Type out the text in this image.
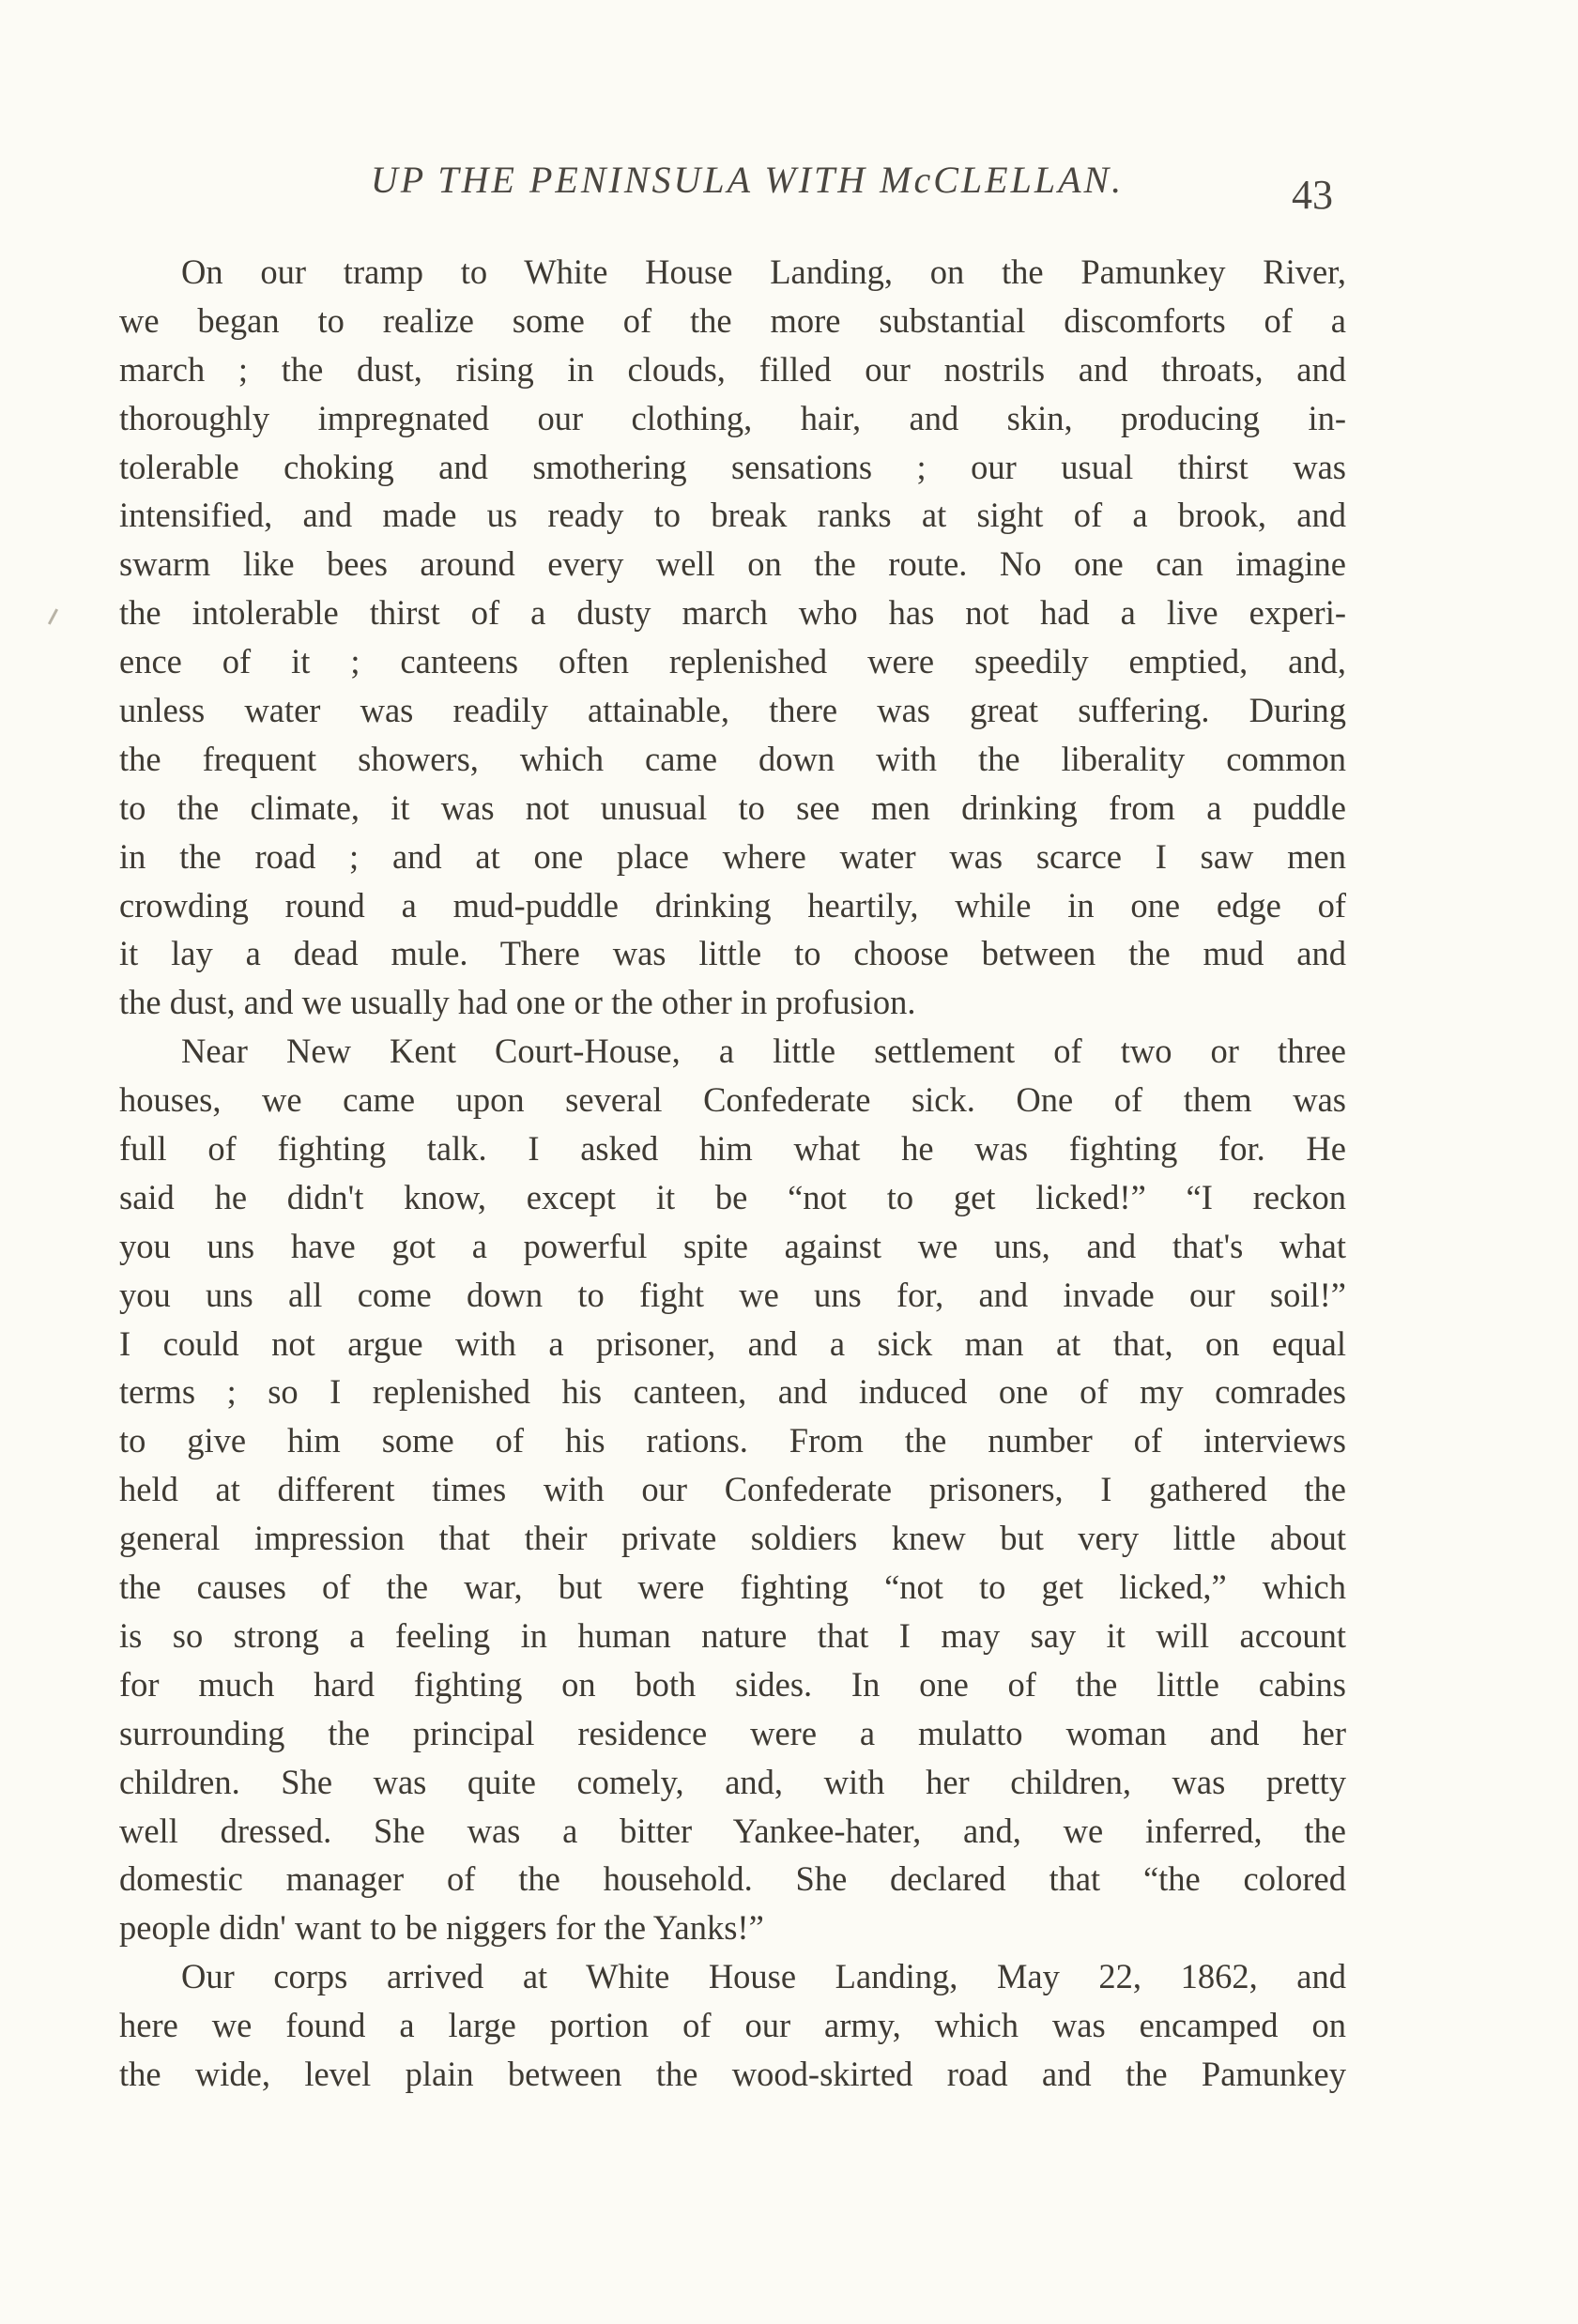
UP THE PENINSULA WITH McCLELLAN.	43
On our tramp to White House Landing, on the Pamunkey River,
we began to realize some of the more substantial discomforts of a
march ; the dust, rising in clouds, filled our nostrils and throats, and
thoroughly impregnated our clothing, hair, and skin, producing in-
tolerable choking and smothering sensations ; our usual thirst was
intensified, and made us ready to break ranks at sight of a brook, and
swarm like bees around every well on the route. No one can imagine
the intolerable thirst of a dusty march who has not had a live experi-
ence of it ; canteens often replenished were speedily emptied, and,
unless water was readily attainable, there was great suffering. During
the frequent showers, which came down with the liberality common
to the climate, it was not unusual to see men drinking from a puddle
in the road ; and at one place where water was scarce I saw men
crowding round a mud-puddle drinking heartily, while in one edge of
it lay a dead mule. There was little to choose between the mud and
the dust, and we usually had one or the other in profusion.
Near New Kent Court-House, a little settlement of two or three
houses, we came upon several Confederate sick. One of them was
full of fighting talk. I asked him what he was fighting for. He
said he didn't know, except it be “not to get licked!” “I reckon
you uns have got a powerful spite against we uns, and that's what
you uns all come down to fight we uns for, and invade our soil!”
I could not argue with a prisoner, and a sick man at that, on equal
terms ; so I replenished his canteen, and induced one of my comrades
to give him some of his rations. From the number of interviews
held at different times with our Confederate prisoners, I gathered the
general impression that their private soldiers knew but very little about
the causes of the war, but were fighting “not to get licked,” which
is so strong a feeling in human nature that I may say it will account
for much hard fighting on both sides. In one of the little cabins
surrounding the principal residence were a mulatto woman and her
children. She was quite comely, and, with her children, was pretty
well dressed. She was a bitter Yankee-hater, and, we inferred, the
domestic manager of the household. She declared that “the colored
people didn' want to be niggers for the Yanks!”
Our corps arrived at White House Landing, May 22, 1862, and
here we found a large portion of our army, which was encamped on
the wide, level plain between the wood-skirted road and the Pamunkey
